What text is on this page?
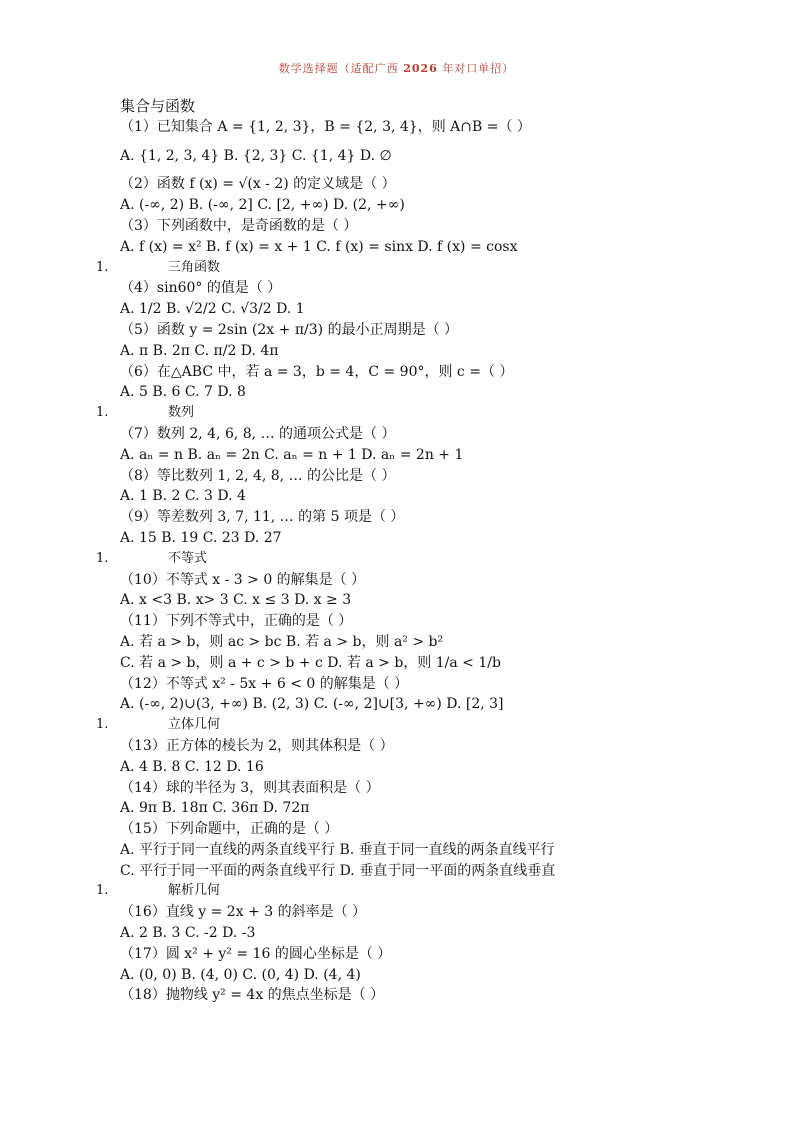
数学选择题（适配广西 2026 年对口单招）
集合与函数
（1）已知集合 A = {1, 2, 3}，B = {2, 3, 4}，则 A∩B =（ ）
A. {1, 2, 3, 4} B. {2, 3} C. {1, 4} D. ∅
（2）函数 f (x) = √(x - 2) 的定义域是（ ）
A. (-∞, 2) B. (-∞, 2] C. [2, +∞) D. (2, +∞)
（3）下列函数中，是奇函数的是（ ）
A. f (x) = x² B. f (x) = x + 1 C. f (x) = sinx D. f (x) = cosx
1.	三角函数
（4）sin60° 的值是（ ）
A. 1/2 B. √2/2 C. √3/2 D. 1
（5）函数 y = 2sin (2x + π/3) 的最小正周期是（ ）
A. π B. 2π C. π/2 D. 4π
（6）在△ABC 中，若 a = 3，b = 4，C = 90°，则 c =（ ）
A. 5 B. 6 C. 7 D. 8
1.	数列
（7）数列 2, 4, 6, 8, … 的通项公式是（ ）
A. aₙ = n B. aₙ = 2n C. aₙ = n + 1 D. aₙ = 2n + 1
（8）等比数列 1, 2, 4, 8, … 的公比是（ ）
A. 1 B. 2 C. 3 D. 4
（9）等差数列 3, 7, 11, … 的第 5 项是（ ）
A. 15 B. 19 C. 23 D. 27
1.	不等式
（10）不等式 x - 3 > 0 的解集是（ ）
A. x <3 B. x> 3 C. x ≤ 3 D. x ≥ 3
（11）下列不等式中，正确的是（ ）
A. 若 a > b，则 ac > bc B. 若 a > b，则 a² > b²
C. 若 a > b，则 a + c > b + c D. 若 a > b，则 1/a < 1/b
（12）不等式 x² - 5x + 6 < 0 的解集是（ ）
A. (-∞, 2)∪(3, +∞) B. (2, 3) C. (-∞, 2]∪[3, +∞) D. [2, 3]
1.	立体几何
（13）正方体的棱长为 2，则其体积是（ ）
A. 4 B. 8 C. 12 D. 16
（14）球的半径为 3，则其表面积是（ ）
A. 9π B. 18π C. 36π D. 72π
（15）下列命题中，正确的是（ ）
A. 平行于同一直线的两条直线平行 B. 垂直于同一直线的两条直线平行
C. 平行于同一平面的两条直线平行 D. 垂直于同一平面的两条直线垂直
1.	解析几何
（16）直线 y = 2x + 3 的斜率是（ ）
A. 2 B. 3 C. -2 D. -3
（17）圆 x² + y² = 16 的圆心坐标是（ ）
A. (0, 0) B. (4, 0) C. (0, 4) D. (4, 4)
（18）抛物线 y² = 4x 的焦点坐标是（ ）
